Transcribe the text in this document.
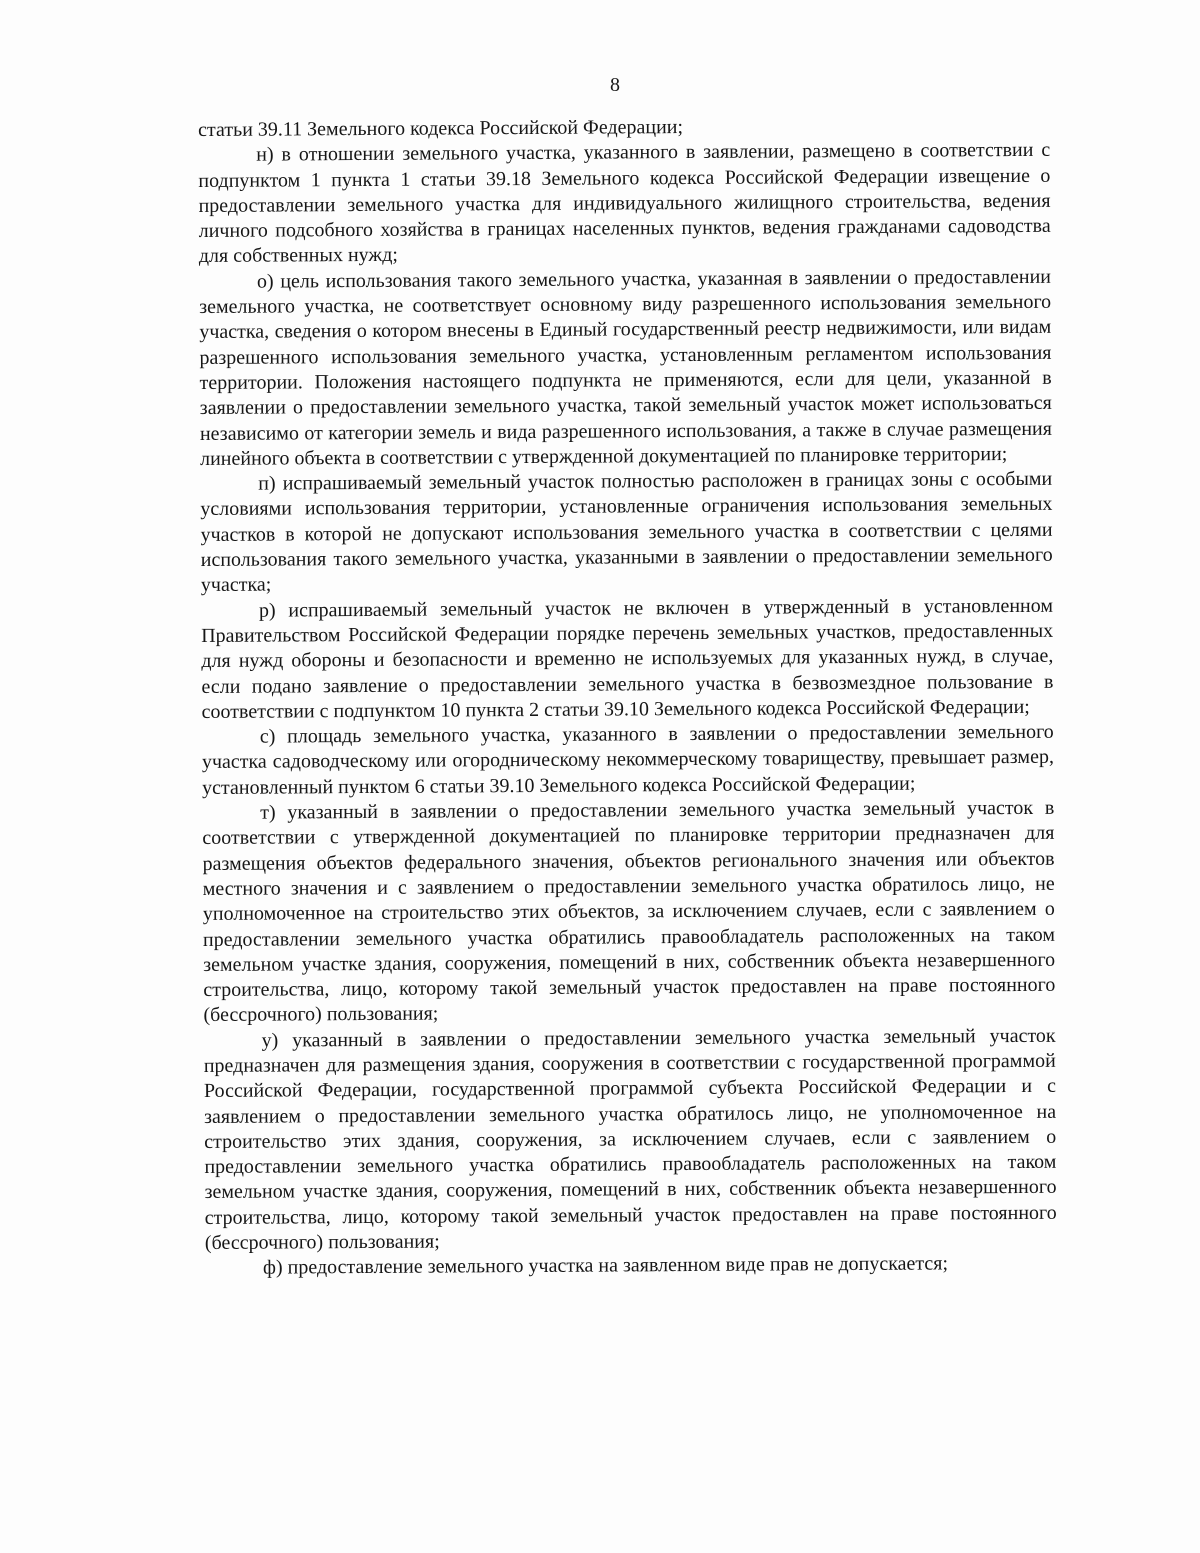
8

статьи 39.11 Земельного кодекса Российской Федерации;

н) в отношении земельного участка, указанного в заявлении, размещено в соответствии с подпунктом 1 пункта 1 статьи 39.18 Земельного кодекса Российской Федерации извещение о предоставлении земельного участка для индивидуального жилищного строительства, ведения личного подсобного хозяйства в границах населенных пунктов, ведения гражданами садоводства для собственных нужд;

о) цель использования такого земельного участка, указанная в заявлении о предоставлении земельного участка, не соответствует основному виду разрешенного использования земельного участка, сведения о котором внесены в Единый государственный реестр недвижимости, или видам разрешенного использования земельного участка, установленным регламентом использования территории. Положения настоящего подпункта не применяются, если для цели, указанной в заявлении о предоставлении земельного участка, такой земельный участок может использоваться независимо от категории земель и вида разрешенного использования, а также в случае размещения линейного объекта в соответствии с утвержденной документацией по планировке территории;

п) испрашиваемый земельный участок полностью расположен в границах зоны с особыми условиями использования территории, установленные ограничения использования земельных участков в которой не допускают использования земельного участка в соответствии с целями использования такого земельного участка, указанными в заявлении о предоставлении земельного участка;

р) испрашиваемый земельный участок не включен в утвержденный в установленном Правительством Российской Федерации порядке перечень земельных участков, предоставленных для нужд обороны и безопасности и временно не используемых для указанных нужд, в случае, если подано заявление о предоставлении земельного участка в безвозмездное пользование в соответствии с подпунктом 10 пункта 2 статьи 39.10 Земельного кодекса Российской Федерации;

с) площадь земельного участка, указанного в заявлении о предоставлении земельного участка садоводческому или огородническому некоммерческому товариществу, превышает размер, установленный пунктом 6 статьи 39.10 Земельного кодекса Российской Федерации;

т) указанный в заявлении о предоставлении земельного участка земельный участок в соответствии с утвержденной документацией по планировке территории предназначен для размещения объектов федерального значения, объектов регионального значения или объектов местного значения и с заявлением о предоставлении земельного участка обратилось лицо, не уполномоченное на строительство этих объектов, за исключением случаев, если с заявлением о предоставлении земельного участка обратились правообладатель расположенных на таком земельном участке здания, сооружения, помещений в них, собственник объекта незавершенного строительства, лицо, которому такой земельный участок предоставлен на праве постоянного (бессрочного) пользования;

у) указанный в заявлении о предоставлении земельного участка земельный участок предназначен для размещения здания, сооружения в соответствии с государственной программой Российской Федерации, государственной программой субъекта Российской Федерации и с заявлением о предоставлении земельного участка обратилось лицо, не уполномоченное на строительство этих здания, сооружения, за исключением случаев, если с заявлением о предоставлении земельного участка обратились правообладатель расположенных на таком земельном участке здания, сооружения, помещений в них, собственник объекта незавершенного строительства, лицо, которому такой земельный участок предоставлен на праве постоянного (бессрочного) пользования;

ф) предоставление земельного участка на заявленном виде прав не допускается;
